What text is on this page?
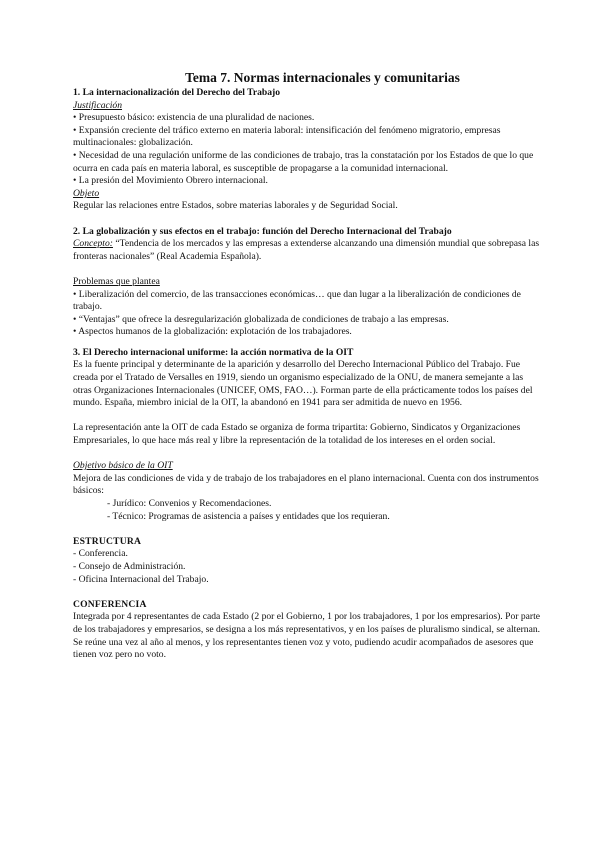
Tema 7. Normas internacionales y comunitarias

1. La internacionalización del Derecho del Trabajo

Justificación

• Presupuesto básico: existencia de una pluralidad de naciones.

• Expansión creciente del tráfico externo en materia laboral: intensificación del fenómeno migratorio, empresas multinacionales: globalización.

• Necesidad de una regulación uniforme de las condiciones de trabajo, tras la constatación por los Estados de que lo que ocurra en cada país en materia laboral, es susceptible de propagarse a la comunidad internacional.

• La presión del Movimiento Obrero internacional.

Objeto

Regular las relaciones entre Estados, sobre materias laborales y de Seguridad Social.

2. La globalización y sus efectos en el trabajo: función del Derecho Internacional del Trabajo

Concepto: “Tendencia de los mercados y las empresas a extenderse alcanzando una dimensión mundial que sobrepasa las fronteras nacionales” (Real Academia Española).

Problemas que plantea

• Liberalización del comercio, de las transacciones económicas… que dan lugar a la liberalización de condiciones de trabajo.

• “Ventajas” que ofrece la desregularización globalizada de condiciones de trabajo a las empresas.

• Aspectos humanos de la globalización: explotación de los trabajadores.

3. El Derecho internacional uniforme: la acción normativa de la OIT

Es la fuente principal y determinante de la aparición y desarrollo del Derecho Internacional Público del Trabajo. Fue creada por el Tratado de Versalles en 1919, siendo un organismo especializado de la ONU, de manera semejante a las otras Organizaciones Internacionales (UNICEF, OMS, FAO…). Forman parte de ella prácticamente todos los países del mundo. España, miembro inicial de la OIT, la abandonó en 1941 para ser admitida de nuevo en 1956.

La representación ante la OIT de cada Estado se organiza de forma tripartita: Gobierno, Sindicatos y Organizaciones Empresariales, lo que hace más real y libre la representación de la totalidad de los intereses en el orden social.

Objetivo básico de la OIT

Mejora de las condiciones de vida y de trabajo de los trabajadores en el plano internacional. Cuenta con dos instrumentos básicos:

- Jurídico: Convenios y Recomendaciones.

- Técnico: Programas de asistencia a países y entidades que los requieran.

ESTRUCTURA

- Conferencia.

- Consejo de Administración.

- Oficina Internacional del Trabajo.

CONFERENCIA

Integrada por 4 representantes de cada Estado (2 por el Gobierno, 1 por los trabajadores, 1 por los empresarios). Por parte de los trabajadores y empresarios, se designa a los más representativos, y en los países de pluralismo sindical, se alternan. Se reúne una vez al año al menos, y los representantes tienen voz y voto, pudiendo acudir acompañados de asesores que tienen voz pero no voto.
